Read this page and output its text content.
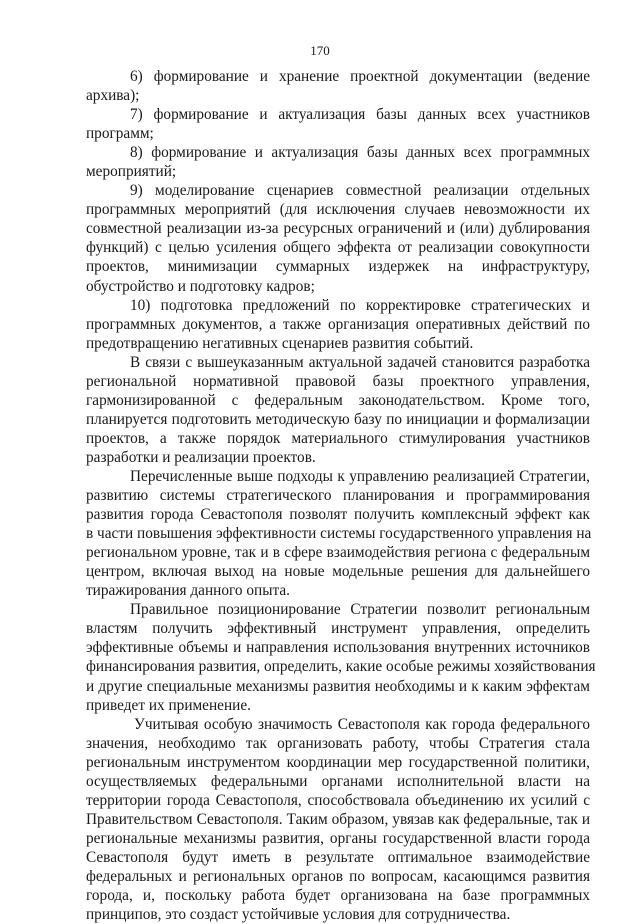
170
6) формирование и хранение проектной документации (ведение
архива);
7) формирование и актуализация базы данных всех участников
программ;
8) формирование и актуализация базы данных всех программных
мероприятий;
9) моделирование сценариев совместной реализации отдельных
программных мероприятий (для исключения случаев невозможности их
совместной реализации из-за ресурсных ограничений и (или) дублирования
функций) с целью усиления общего эффекта от реализации совокупности
проектов, минимизации суммарных издержек на инфраструктуру,
обустройство и подготовку кадров;
10) подготовка предложений по корректировке стратегических и
программных документов, а также организация оперативных действий по
предотвращению негативных сценариев развития событий.
В связи с вышеуказанным актуальной задачей становится разработка
региональной нормативной правовой базы проектного управления,
гармонизированной с федеральным законодательством. Кроме того,
планируется подготовить методическую базу по инициации и формализации
проектов, а также порядок материального стимулирования участников
разработки и реализации проектов.
Перечисленные выше подходы к управлению реализацией Стратегии,
развитию системы стратегического планирования и программирования
развития города Севастополя позволят получить комплексный эффект как
в части повышения эффективности системы государственного управления на
региональном уровне, так и в сфере взаимодействия региона с федеральным
центром, включая выход на новые модельные решения для дальнейшего
тиражирования данного опыта.
Правильное позиционирование Стратегии позволит региональным
властям получить эффективный инструмент управления, определить
эффективные объемы и направления использования внутренних источников
финансирования развития, определить, какие особые режимы хозяйствования
и другие специальные механизмы развития необходимы и к каким эффектам
приведет их применение.
Учитывая особую значимость Севастополя как города федерального
значения, необходимо так организовать работу, чтобы Стратегия стала
региональным инструментом координации мер государственной политики,
осуществляемых федеральными органами исполнительной власти на
территории города Севастополя, способствовала объединению их усилий с
Правительством Севастополя. Таким образом, увязав как федеральные, так и
региональные механизмы развития, органы государственной власти города
Севастополя будут иметь в результате оптимальное взаимодействие
федеральных и региональных органов по вопросам, касающимся развития
города, и, поскольку работа будет организована на базе программных
принципов, это создаст устойчивые условия для сотрудничества.
